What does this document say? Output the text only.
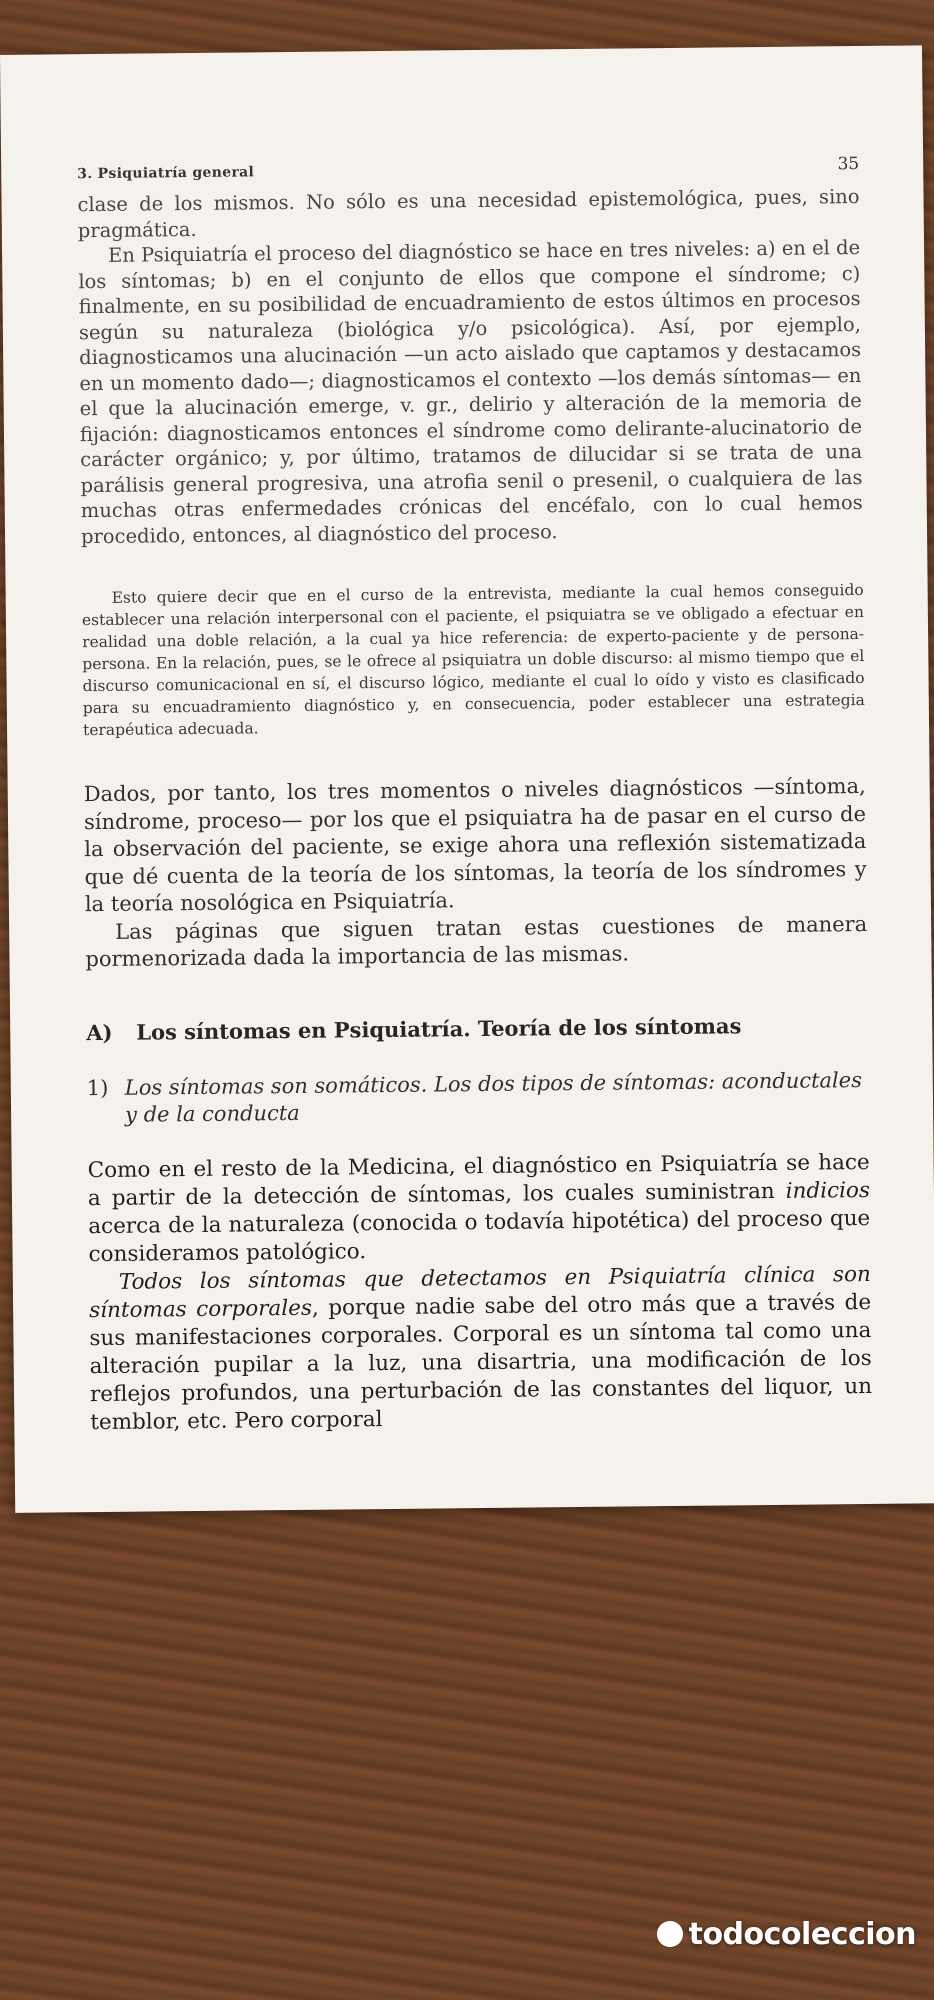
3. Psiquiatría general	35

clase de los mismos. No sólo es una necesidad epistemológica, pues, sino pragmática.

En Psiquiatría el proceso del diagnóstico se hace en tres niveles: a) en el de los síntomas; b) en el conjunto de ellos que compone el síndrome; c) finalmente, en su posibilidad de encuadramiento de estos últimos en procesos según su naturaleza (biológica y/o psicológica). Así, por ejemplo, diagnosticamos una alucinación —un acto aislado que captamos y destacamos en un momento dado—; diagnosticamos el contexto —los demás síntomas— en el que la alucinación emerge, v. gr., delirio y alteración de la memoria de fijación: diagnosticamos entonces el síndrome como delirante-alucinatorio de carácter orgánico; y, por último, tratamos de dilucidar si se trata de una parálisis general progresiva, una atrofia senil o presenil, o cualquiera de las muchas otras enfermedades crónicas del encéfalo, con lo cual hemos procedido, entonces, al diagnóstico del proceso.

Esto quiere decir que en el curso de la entrevista, mediante la cual hemos conseguido establecer una relación interpersonal con el paciente, el psiquiatra se ve obligado a efectuar en realidad una doble relación, a la cual ya hice referencia: de experto-paciente y de persona-persona. En la relación, pues, se le ofrece al psiquiatra un doble discurso: al mismo tiempo que el discurso comunicacional en sí, el discurso lógico, mediante el cual lo oído y visto es clasificado para su encuadramiento diagnóstico y, en consecuencia, poder establecer una estrategia terapéutica adecuada.

Dados, por tanto, los tres momentos o niveles diagnósticos —síntoma, síndrome, proceso— por los que el psiquiatra ha de pasar en el curso de la observación del paciente, se exige ahora una reflexión sistematizada que dé cuenta de la teoría de los síntomas, la teoría de los síndromes y la teoría nosológica en Psiquiatría.

Las páginas que siguen tratan estas cuestiones de manera pormenorizada dada la importancia de las mismas.

A) Los síntomas en Psiquiatría. Teoría de los síntomas
1) Los síntomas son somáticos. Los dos tipos de síntomas: aconductales y de la conducta

Como en el resto de la Medicina, el diagnóstico en Psiquiatría se hace a partir de la detección de síntomas, los cuales suministran indicios acerca de la naturaleza (conocida o todavía hipotética) del proceso que consideramos patológico.

Todos los síntomas que detectamos en Psiquiatría clínica son síntomas corporales, porque nadie sabe del otro más que a través de sus manifestaciones corporales. Corporal es un síntoma tal como una alteración pupilar a la luz, una disartria, una modificación de los reflejos profundos, una perturbación de las constantes del liquor, un temblor, etc. Pero corporal

todocoleccion
